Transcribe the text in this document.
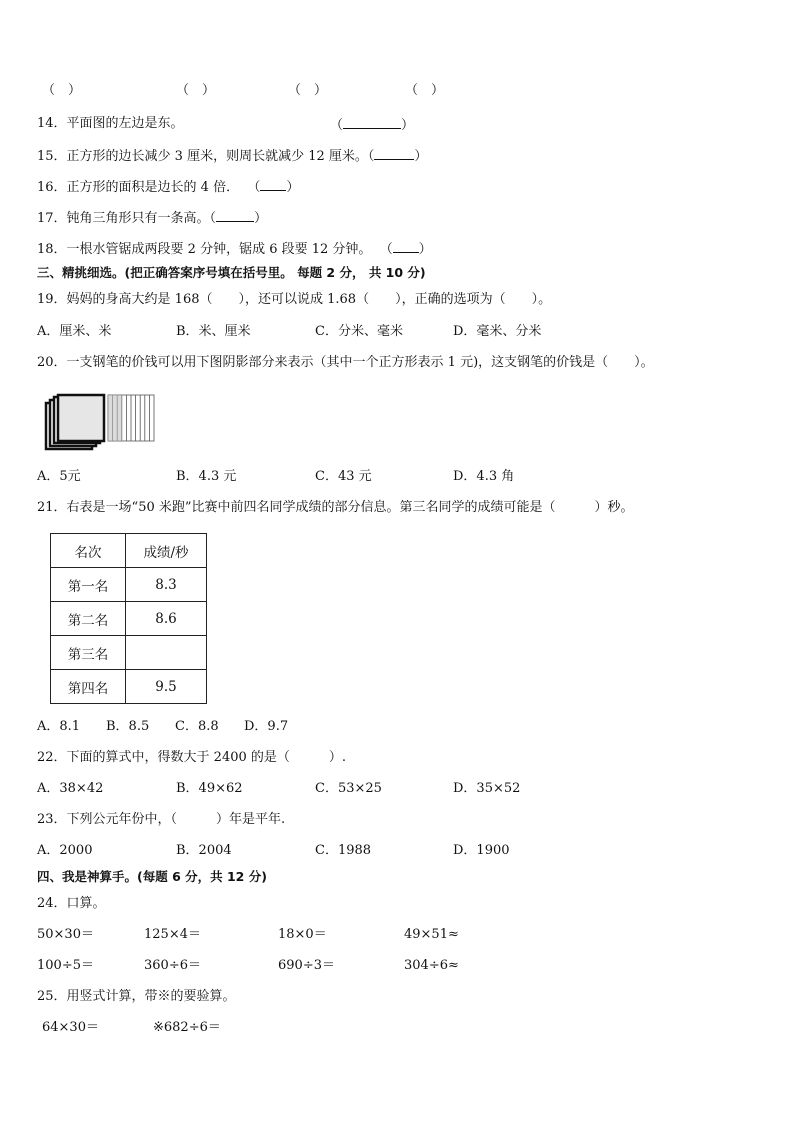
（　）	（　）	（　）	（　）
14．平面图的左边是东。	（	）
15．正方形的边长减少 3 厘米，则周长就减少 12 厘米。（	）
16．正方形的面积是边长的 4 倍． （ ）
17．钝角三角形只有一条高。（	）
18．一根水管锯成两段要 2 分钟，锯成 6 段要 12 分钟。 （ ）
三、精挑细选。(把正确答案序号填在括号里。 每题 2 分， 共 10 分)
19．妈妈的身高大约是 168（　　），还可以说成 1.68（　　），正确的选项为（　　）。
A．厘米、米	B．米、厘米	C．分米、毫米	D．毫米、分米
20．一支钢笔的价钱可以用下图阴影部分来表示（其中一个正方形表示 1 元)，这支钢笔的价钱是（　　）。
A．5元	B．4.3 元	C．43 元	D．4.3 角
21．右表是一场“50 米跑”比赛中前四名同学成绩的部分信息。第三名同学的成绩可能是（　　　）秒。
名次	成绩/秒
第一名	8.3
第二名	8.6
第三名	
第四名	9.5
A．8.1 B．8.5 C．8.8 D．9.7
22．下面的算式中，得数大于 2400 的是（　　　）.
A．38×42	B．49×62	C．53×25	D．35×52
23．下列公元年份中，（　　　）年是平年.
A．2000	B．2004	C．1988	D．1900
四、我是神算手。(每题 6 分，共 12 分)
24．口算。
50×30＝	125×4＝	18×0＝	49×51≈
100÷5＝	360÷6＝	690÷3＝	304÷6≈
25．用竖式计算，带※的要验算。
64×30＝	※682÷6＝
